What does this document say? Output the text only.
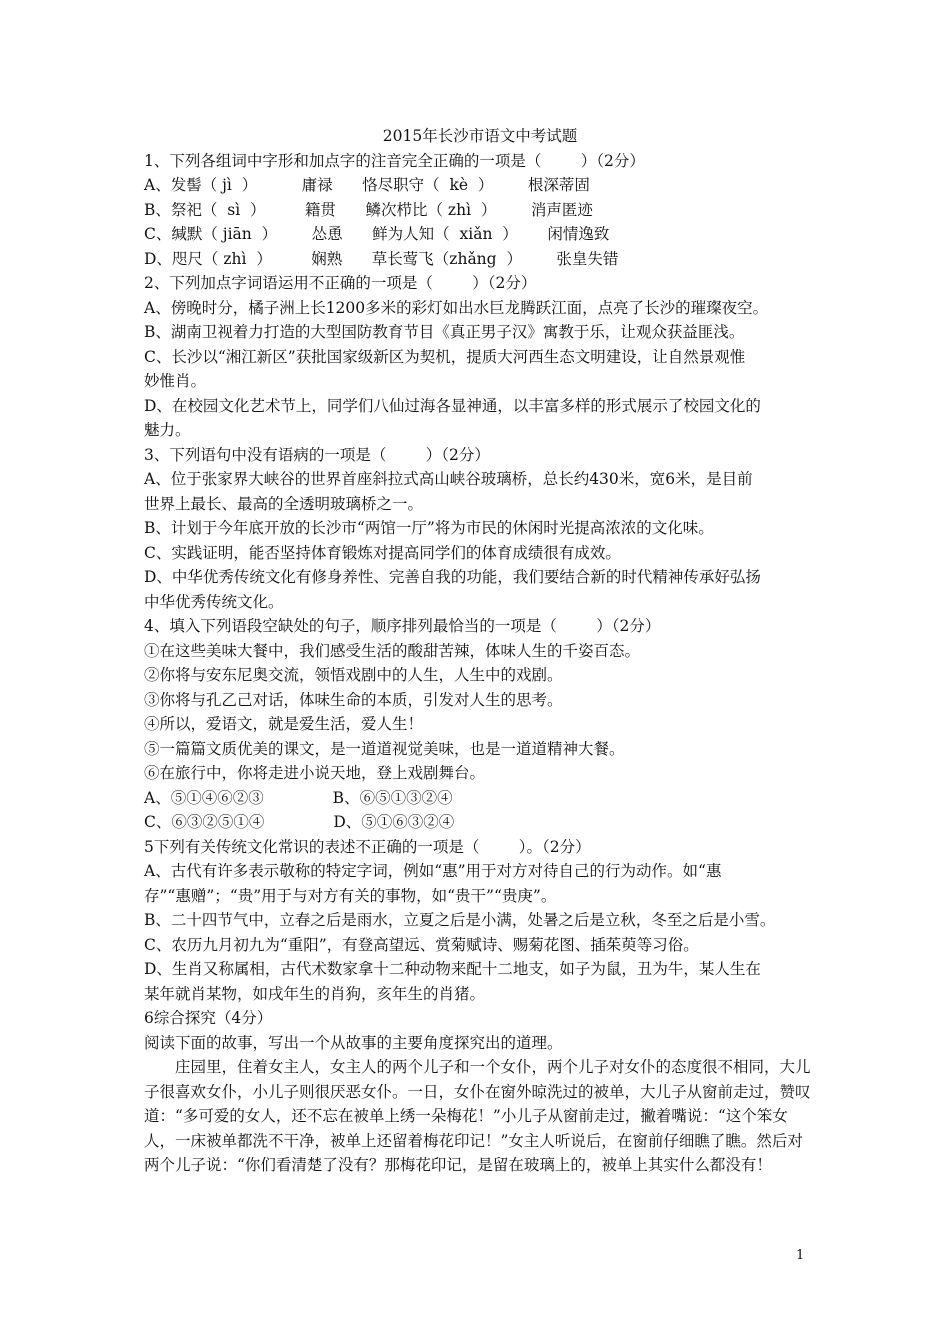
2015年长沙市语文中考试题
1、下列各组词中字形和加点字的注音完全正确的一项是（        ）（2分）
A、发髻（ jì  ）         庸禄      恪尽职守（  kè  ）       根深蒂固
B、祭祀（  sì  ）        籍贯      鳞次栉比（ zhì  ）       消声匿迹
C、缄默（ jiān  ）       怂恿      鲜为人知（  xiǎn  ）      闲情逸致
D、咫尺（ zhì  ）        娴熟      草长莺飞（zhǎng  ）       张皇失错
2、下列加点字词语运用不正确的一项是（        ）（2分）
A、傍晚时分，橘子洲上长1200多米的彩灯如出水巨龙腾跃江面，点亮了长沙的璀璨夜空。
B、湖南卫视着力打造的大型国防教育节目《真正男子汉》寓教于乐，让观众获益匪浅。
C、长沙以“湘江新区”获批国家级新区为契机，提质大河西生态文明建设，让自然景观惟
妙惟肖。
D、在校园文化艺术节上，同学们八仙过海各显神通，以丰富多样的形式展示了校园文化的
魅力。
3、下列语句中没有语病的一项是（        ）（2分）
A、位于张家界大峡谷的世界首座斜拉式高山峡谷玻璃桥，总长约430米，宽6米，是目前
世界上最长、最高的全透明玻璃桥之一。
B、计划于今年底开放的长沙市“两馆一厅”将为市民的休闲时光提高浓浓的文化味。
C、实践证明，能否坚持体育锻炼对提高同学们的体育成绩很有成效。
D、中华优秀传统文化有修身养性、完善自我的功能，我们要结合新的时代精神传承好弘扬
中华优秀传统文化。
4、填入下列语段空缺处的句子，顺序排列最恰当的一项是（        ）（2分）
①在这些美味大餐中，我们感受生活的酸甜苦辣，体味人生的千姿百态。
②你将与安东尼奥交流，领悟戏剧中的人生，人生中的戏剧。
③你将与孔乙己对话，体味生命的本质，引发对人生的思考。
④所以，爱语文，就是爱生活，爱人生！
⑤一篇篇文质优美的课文，是一道道视觉美味，也是一道道精神大餐。
⑥在旅行中，你将走进小说天地，登上戏剧舞台。
A、⑤①④⑥②③              B、⑥⑤①③②④
C、⑥③②⑤①④              D、⑤①⑥③②④
5下列有关传统文化常识的表述不正确的一项是（        ）。（2分）
A、古代有许多表示敬称的特定字词，例如“惠”用于对方对待自己的行为动作。如“惠
存”“惠赠”；“贵”用于与对方有关的事物，如“贵干”“贵庚”。
B、二十四节气中，立春之后是雨水，立夏之后是小满，处暑之后是立秋，冬至之后是小雪。
C、农历九月初九为“重阳”，有登高望远、赏菊赋诗、赐菊花图、插茱萸等习俗。
D、生肖又称属相，古代术数家拿十二种动物来配十二地支，如子为鼠，丑为牛，某人生在
某年就肖某物，如戌年生的肖狗，亥年生的肖猪。
6综合探究（4分）
阅读下面的故事，写出一个从故事的主要角度探究出的道理。
庄园里，住着女主人，女主人的两个儿子和一个女仆，两个儿子对女仆的态度很不相同，大儿子很喜欢女仆，小儿子则很厌恶女仆。一日，女仆在窗外晾洗过的被单，大儿子从窗前走过，赞叹道：“多可爱的女人，还不忘在被单上绣一朵梅花！”小儿子从窗前走过，撇着嘴说：“这个笨女人，一床被单都洗不干净，被单上还留着梅花印记！”女主人听说后，在窗前仔细瞧了瞧。然后对两个儿子说：“你们看清楚了没有？那梅花印记，是留在玻璃上的，被单上其实什么都没有！
1
